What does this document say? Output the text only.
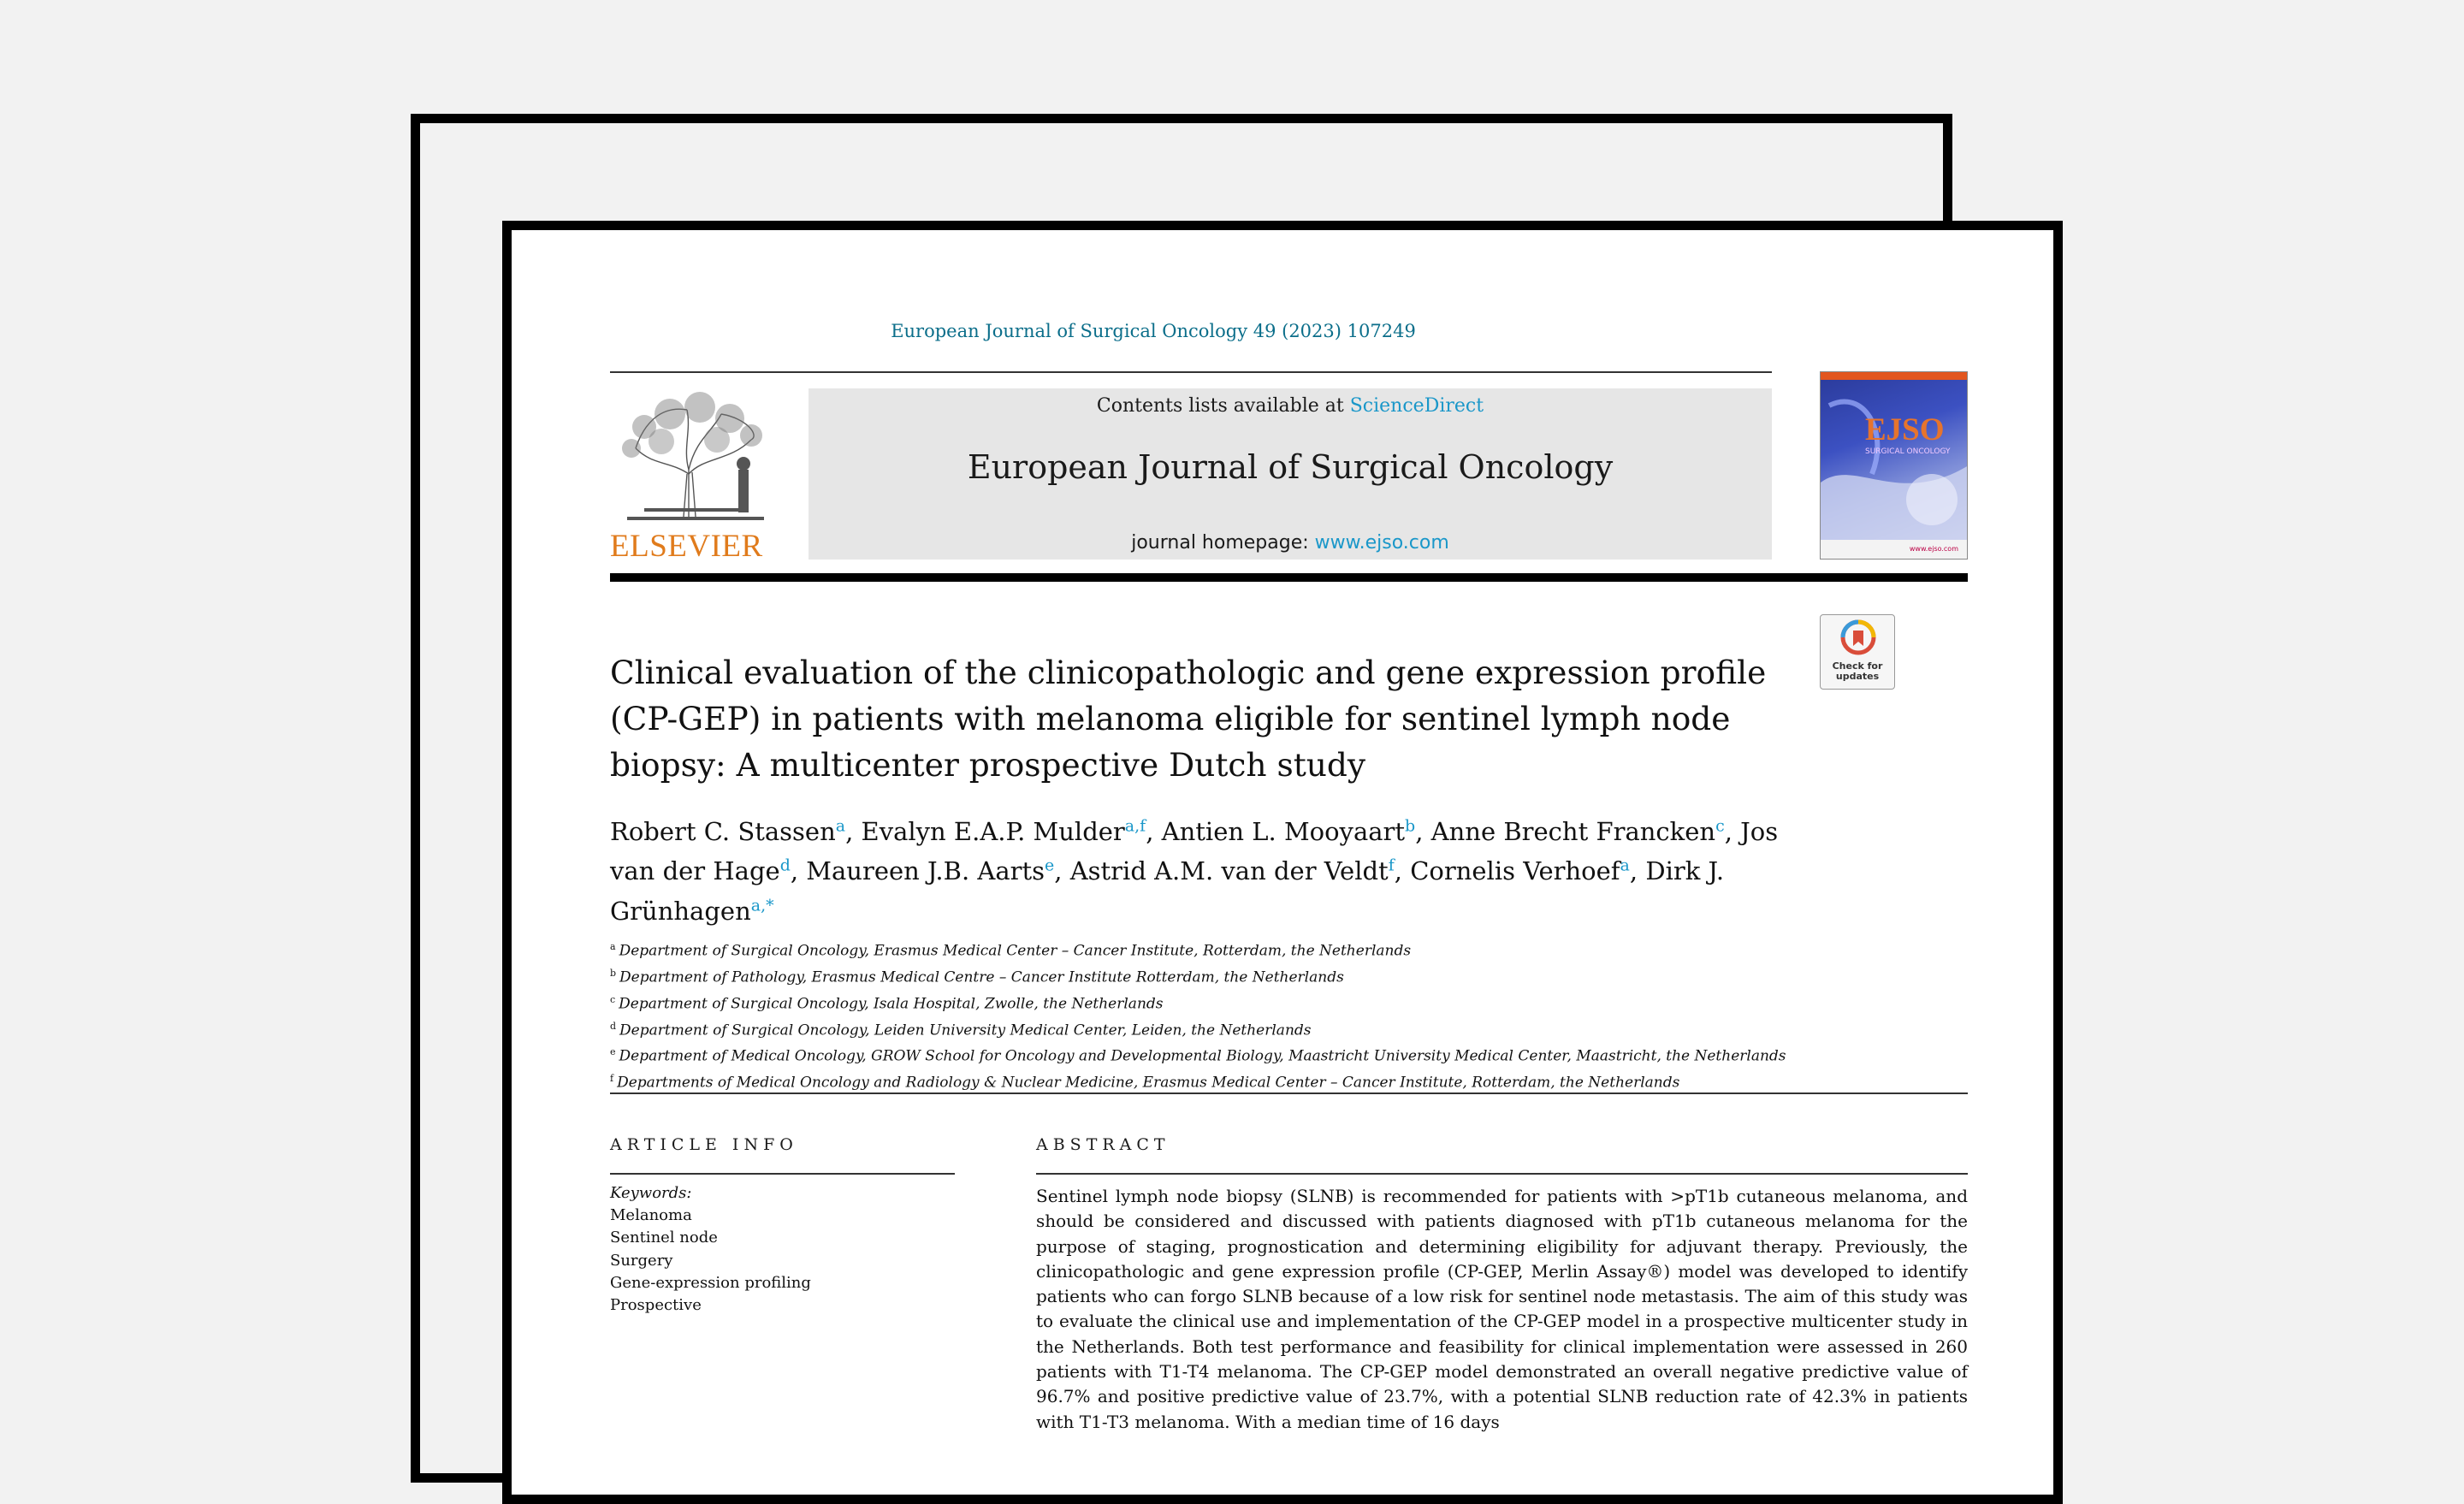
European Journal of Surgical Oncology 49 (2023) 107249
ELSEVIER
Contents lists available at ScienceDirect
European Journal of Surgical Oncology
journal homepage: www.ejso.com
EJSO
SURGICAL ONCOLOGY
www.ejso.com
Check for
updates
Clinical evaluation of the clinicopathologic and gene expression profile (CP-GEP) in patients with melanoma eligible for sentinel lymph node biopsy: A multicenter prospective Dutch study
Robert C. Stassen$^a$, Evalyn E.A.P. Mulder$^{a,f}$, Antien L. Mooyaart$^b$, Anne Brecht Francken$^c$, Jos van der Hage$^d$, Maureen J.B. Aarts$^e$, Astrid A.M. van der Veldt$^f$, Cornelis Verhoef$^a$, Dirk J. Grünhagen$^{a,*}$
$^a$ Department of Surgical Oncology, Erasmus Medical Center – Cancer Institute, Rotterdam, the Netherlands
$^b$ Department of Pathology, Erasmus Medical Centre – Cancer Institute Rotterdam, the Netherlands
$^c$ Department of Surgical Oncology, Isala Hospital, Zwolle, the Netherlands
$^d$ Department of Surgical Oncology, Leiden University Medical Center, Leiden, the Netherlands
$^e$ Department of Medical Oncology, GROW School for Oncology and Developmental Biology, Maastricht University Medical Center, Maastricht, the Netherlands
$^f$ Departments of Medical Oncology and Radiology & Nuclear Medicine, Erasmus Medical Center – Cancer Institute, Rotterdam, the Netherlands
ARTICLE INFO	ABSTRACT
Keywords:
Melanoma
Sentinel node
Surgery
Gene-expression profiling
Prospective
Sentinel lymph node biopsy (SLNB) is recommended for patients with >pT1b cutaneous melanoma, and should be considered and discussed with patients diagnosed with pT1b cutaneous melanoma for the purpose of staging, prognostication and determining eligibility for adjuvant therapy. Previously, the clinicopathologic and gene expression profile (CP-GEP, Merlin Assay®) model was developed to identify patients who can forgo SLNB because of a low risk for sentinel node metastasis. The aim of this study was to evaluate the clinical use and implementation of the CP-GEP model in a prospective multicenter study in the Netherlands. Both test performance and feasibility for clinical implementation were assessed in 260 patients with T1-T4 melanoma. The CP-GEP model demonstrated an overall negative predictive value of 96.7% and positive predictive value of 23.7%, with a potential SLNB reduction rate of 42.3% in patients with T1-T3 melanoma. With a median time of 16 days
